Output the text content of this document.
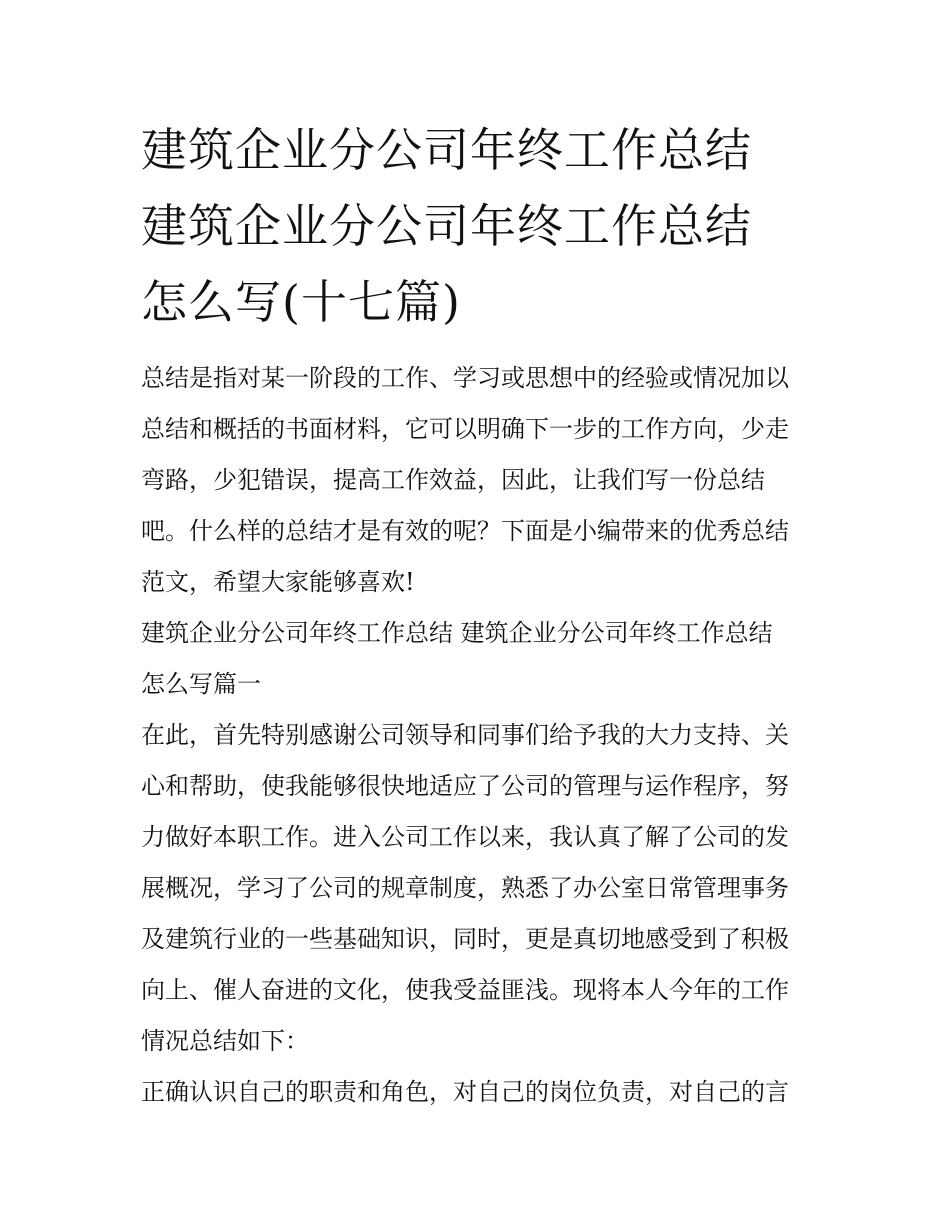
建筑企业分公司年终工作总结
建筑企业分公司年终工作总结
怎么写(十七篇)

总结是指对某一阶段的工作、学习或思想中的经验或情况加以
总结和概括的书面材料，它可以明确下一步的工作方向，少走
弯路，少犯错误，提高工作效益，因此，让我们写一份总结
吧。什么样的总结才是有效的呢？下面是小编带来的优秀总结
范文，希望大家能够喜欢!

建筑企业分公司年终工作总结 建筑企业分公司年终工作总结
怎么写篇一

在此，首先特别感谢公司领导和同事们给予我的大力支持、关
心和帮助，使我能够很快地适应了公司的管理与运作程序，努
力做好本职工作。进入公司工作以来，我认真了解了公司的发
展概况，学习了公司的规章制度，熟悉了办公室日常管理事务
及建筑行业的一些基础知识，同时，更是真切地感受到了积极
向上、催人奋进的文化，使我受益匪浅。现将本人今年的工作
情况总结如下：

正确认识自己的职责和角色，对自己的岗位负责，对自己的言
